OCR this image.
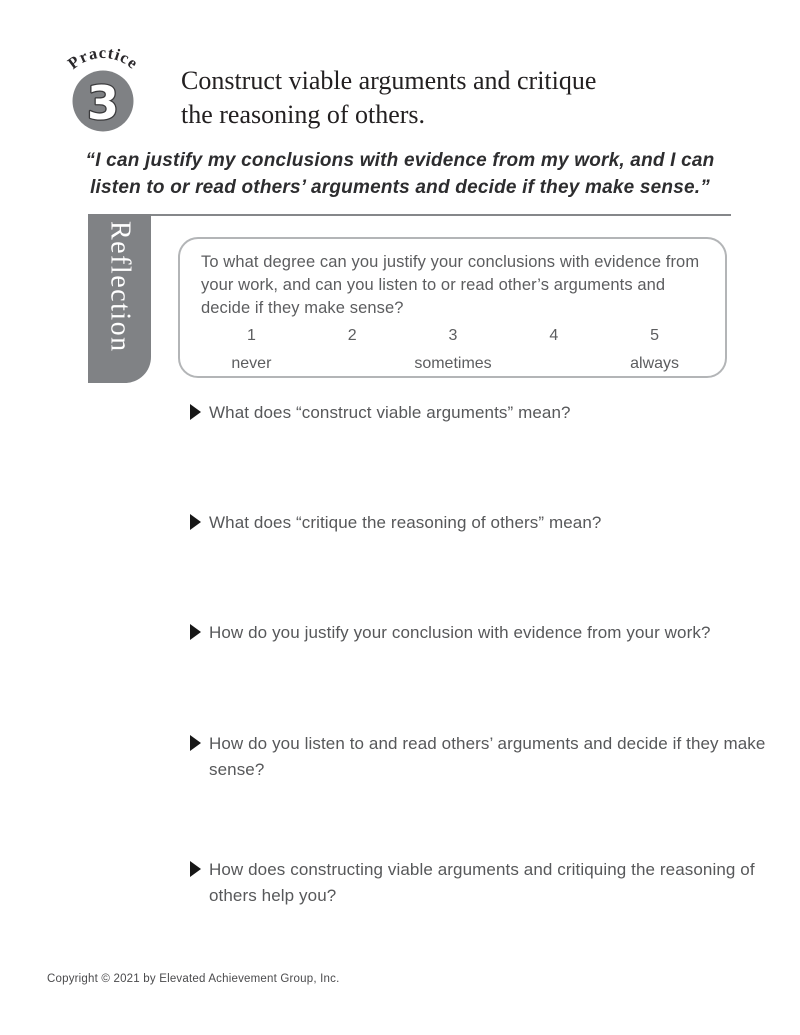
Practice
3 Construct viable arguments and critique
the reasoning of others.
“I can justify my conclusions with evidence from my work, and I can
listen to or read others’ arguments and decide if they make sense.”
Reflection	To what degree can you justify your conclusions with evidence from your work, and can you listen to or read other’s arguments and decide if they make sense?
1
never
2	3
sometimes
4	5
always
What does “construct viable arguments” mean?
What does “critique the reasoning of others” mean?
How do you justify your conclusion with evidence from your work?
How do you listen to and read others’ arguments and decide if they make sense?
How does constructing viable arguments and critiquing the reasoning of others help you?
Copyright © 2021 by Elevated Achievement Group, Inc.
